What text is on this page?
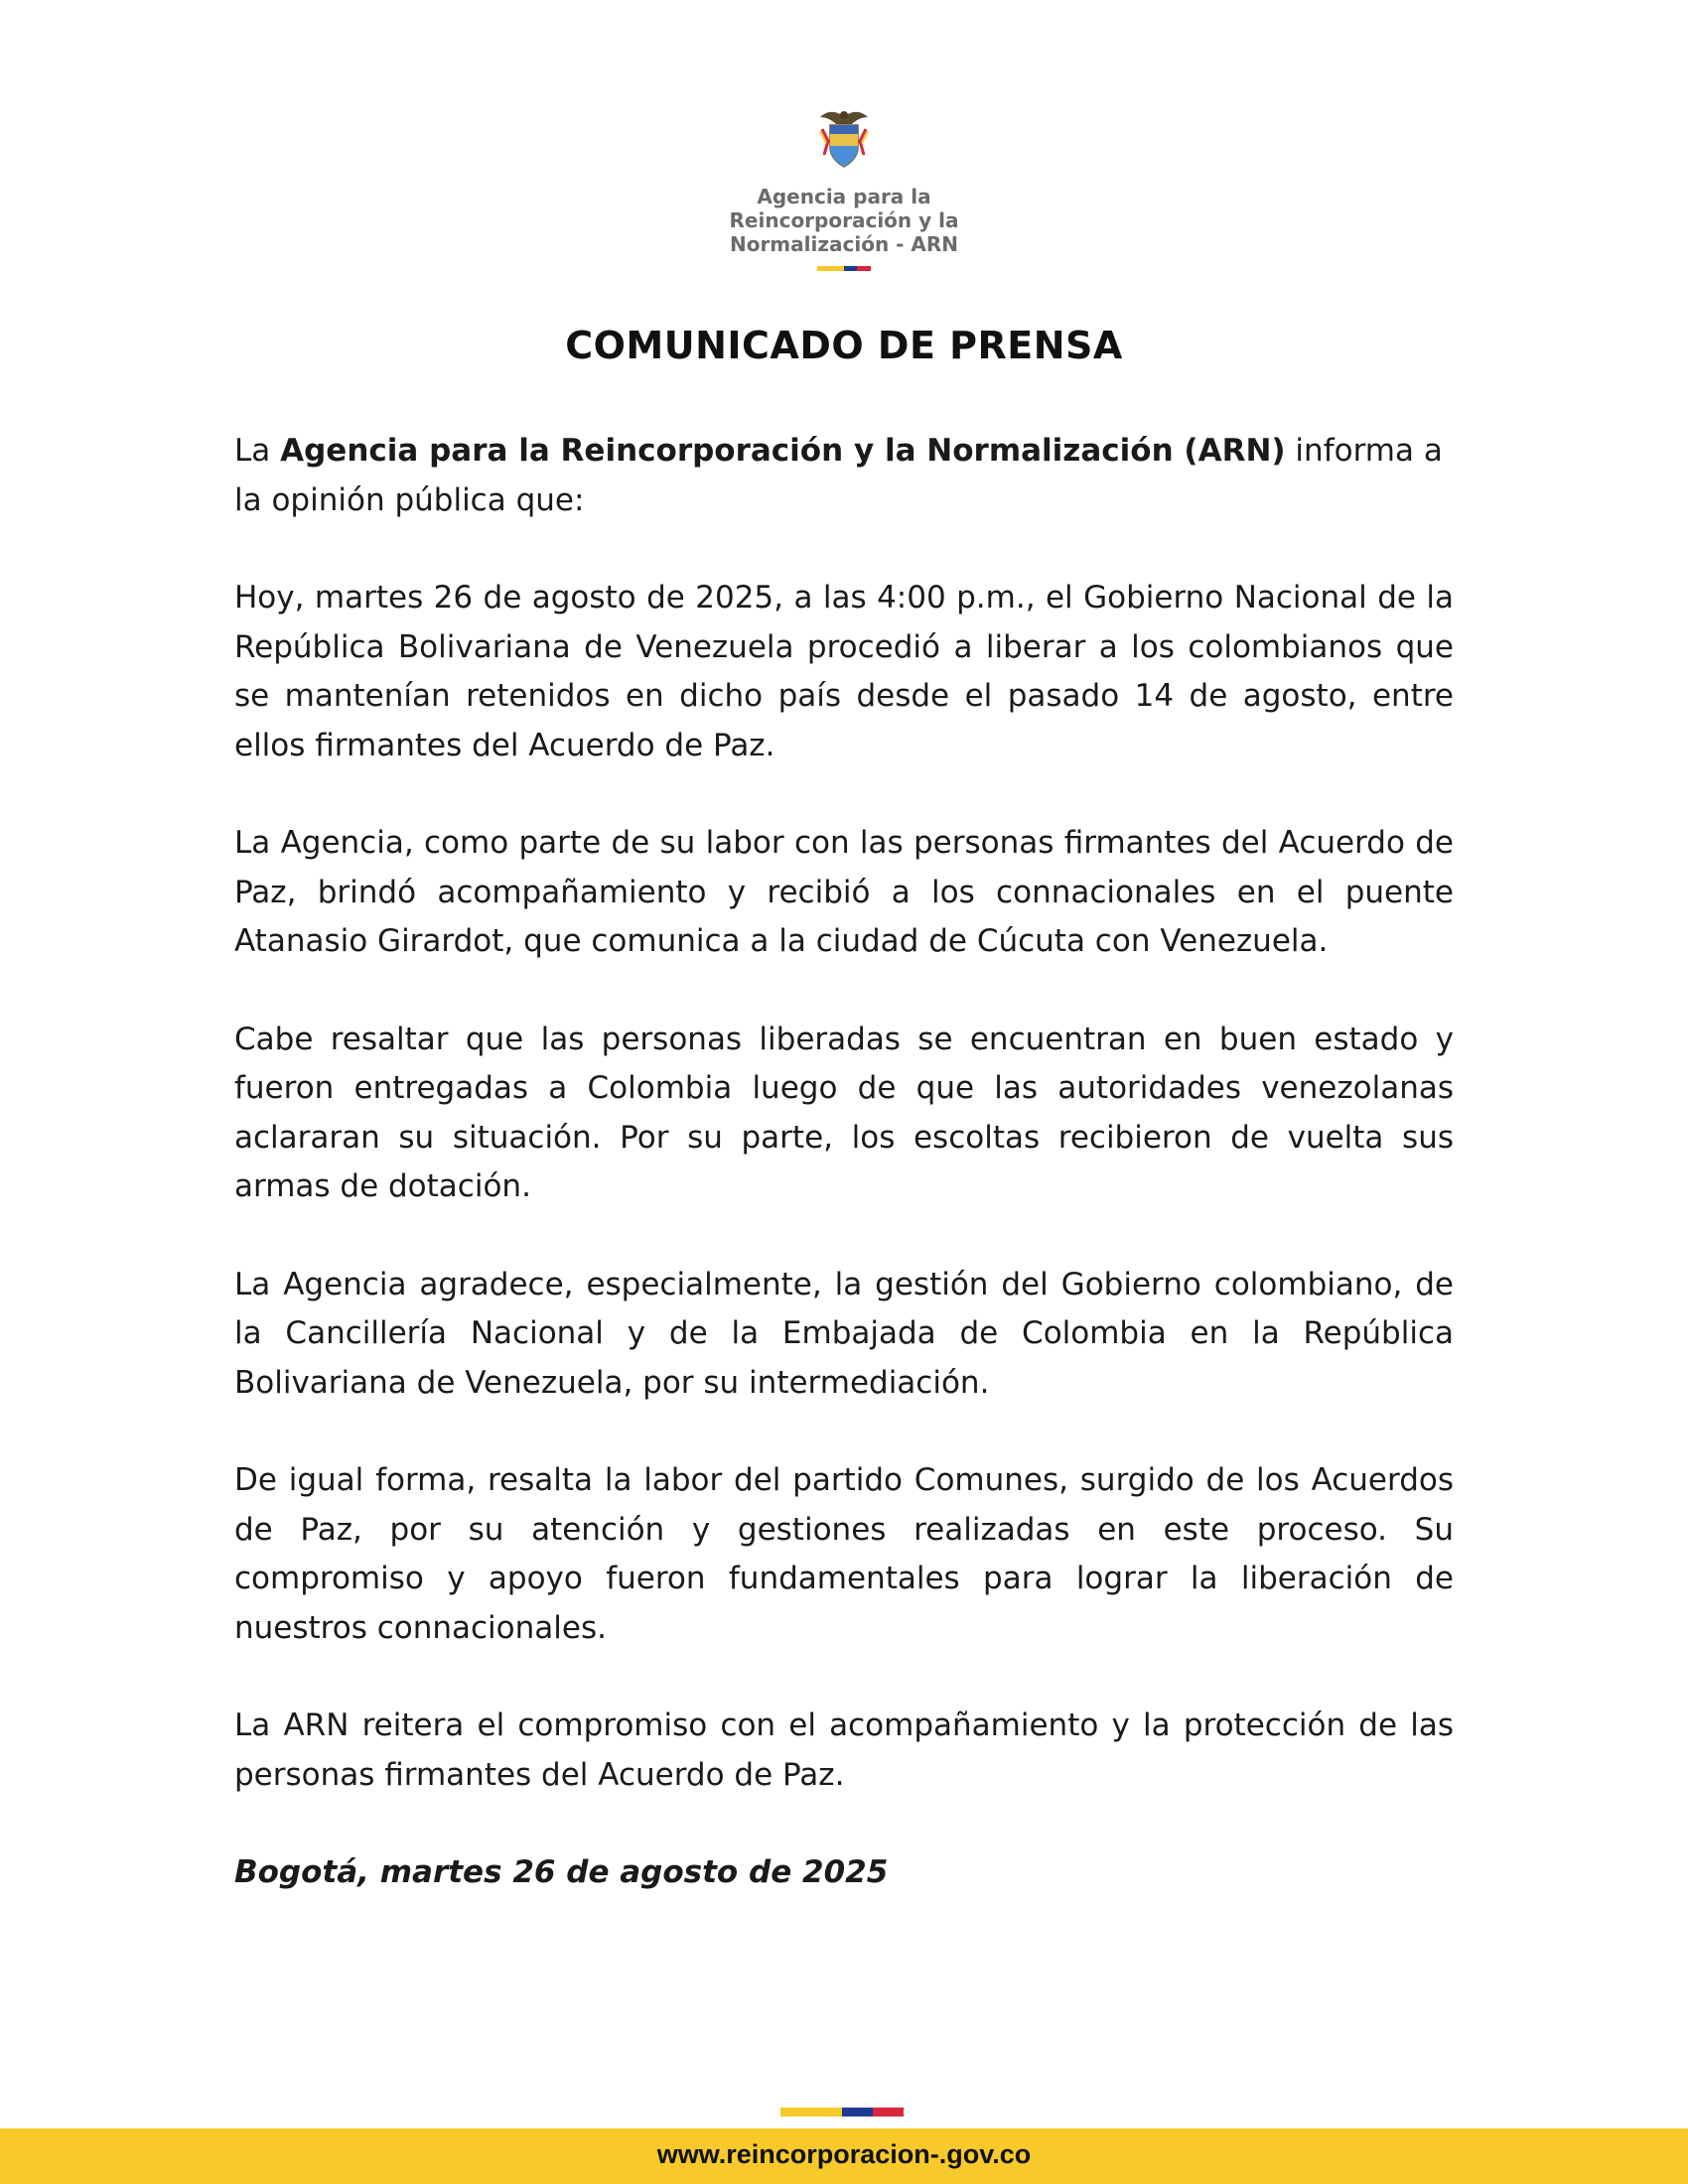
Agencia para la
Reincorporación y la
Normalización - ARN
COMUNICADO DE PRENSA

La Agencia para la Reincorporación y la Normalización (ARN) informa a la opinión pública que:

Hoy, martes 26 de agosto de 2025, a las 4:00 p.m., el Gobierno Nacional de la República Bolivariana de Venezuela procedió a liberar a los colombianos que se mantenían retenidos en dicho país desde el pasado 14 de agosto, entre ellos firmantes del Acuerdo de Paz.

La Agencia, como parte de su labor con las personas firmantes del Acuerdo de Paz, brindó acompañamiento y recibió a los connacionales en el puente Atanasio Girardot, que comunica a la ciudad de Cúcuta con Venezuela.

Cabe resaltar que las personas liberadas se encuentran en buen estado y fueron entregadas a Colombia luego de que las autoridades venezolanas aclararan su situación. Por su parte, los escoltas recibieron de vuelta sus armas de dotación.

La Agencia agradece, especialmente, la gestión del Gobierno colombiano, de la Cancillería Nacional y de la Embajada de Colombia en la República Bolivariana de Venezuela, por su intermediación.

De igual forma, resalta la labor del partido Comunes, surgido de los Acuerdos de Paz, por su atención y gestiones realizadas en este proceso. Su compromiso y apoyo fueron fundamentales para lograr la liberación de nuestros connacionales.

La ARN reitera el compromiso con el acompañamiento y la protección de las personas firmantes del Acuerdo de Paz.

Bogotá, martes 26 de agosto de 2025

www.reincorporacion-.gov.co
